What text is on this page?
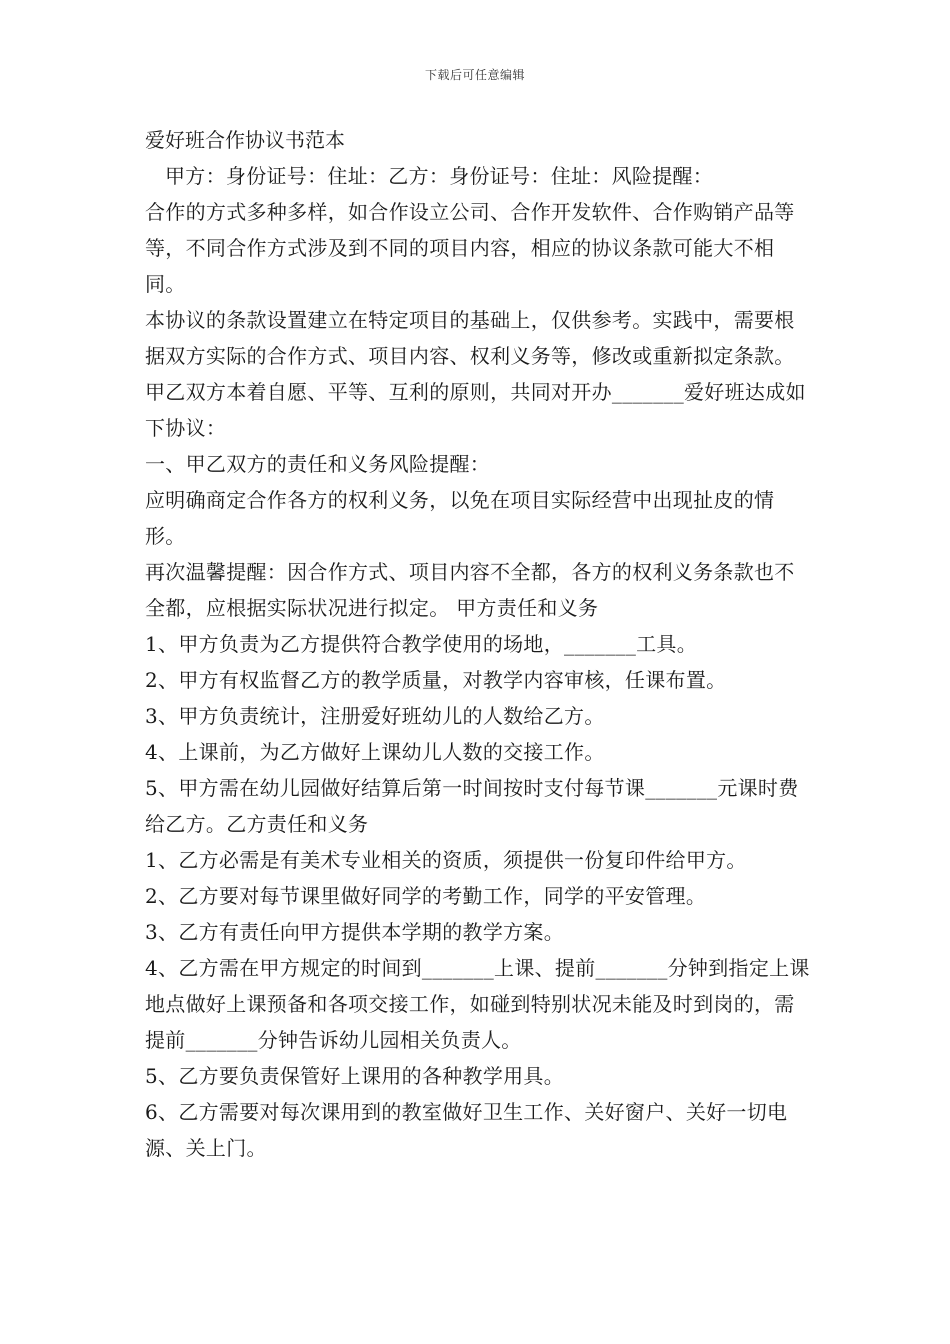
下载后可任意编辑

爱好班合作协议书范本

甲方：身份证号：住址：乙方：身份证号：住址：风险提醒：

合作的方式多种多样，如合作设立公司、合作开发软件、合作购销产品等等，不同合作方式涉及到不同的项目内容，相应的协议条款可能大不相同。

本协议的条款设置建立在特定项目的基础上，仅供参考。实践中，需要根据双方实际的合作方式、项目内容、权利义务等，修改或重新拟定条款。 甲乙双方本着自愿、平等、互利的原则，共同对开办_______爱好班达成如下协议：

一、甲乙双方的责任和义务风险提醒：

应明确商定合作各方的权利义务，以免在项目实际经营中出现扯皮的情形。

再次温馨提醒：因合作方式、项目内容不全都，各方的权利义务条款也不全都，应根据实际状况进行拟定。 甲方责任和义务

1、甲方负责为乙方提供符合教学使用的场地，_______工具。

2、甲方有权监督乙方的教学质量，对教学内容审核，任课布置。

3、甲方负责统计，注册爱好班幼儿的人数给乙方。

4、上课前，为乙方做好上课幼儿人数的交接工作。

5、甲方需在幼儿园做好结算后第一时间按时支付每节课_______元课时费给乙方。乙方责任和义务

1、乙方必需是有美术专业相关的资质，须提供一份复印件给甲方。

2、乙方要对每节课里做好同学的考勤工作，同学的平安管理。

3、乙方有责任向甲方提供本学期的教学方案。

4、乙方需在甲方规定的时间到_______上课、提前_______分钟到指定上课地点做好上课预备和各项交接工作，如碰到特别状况未能及时到岗的，需提前_______分钟告诉幼儿园相关负责人。

5、乙方要负责保管好上课用的各种教学用具。

6、乙方需要对每次课用到的教室做好卫生工作、关好窗户、关好一切电源、关上门。
